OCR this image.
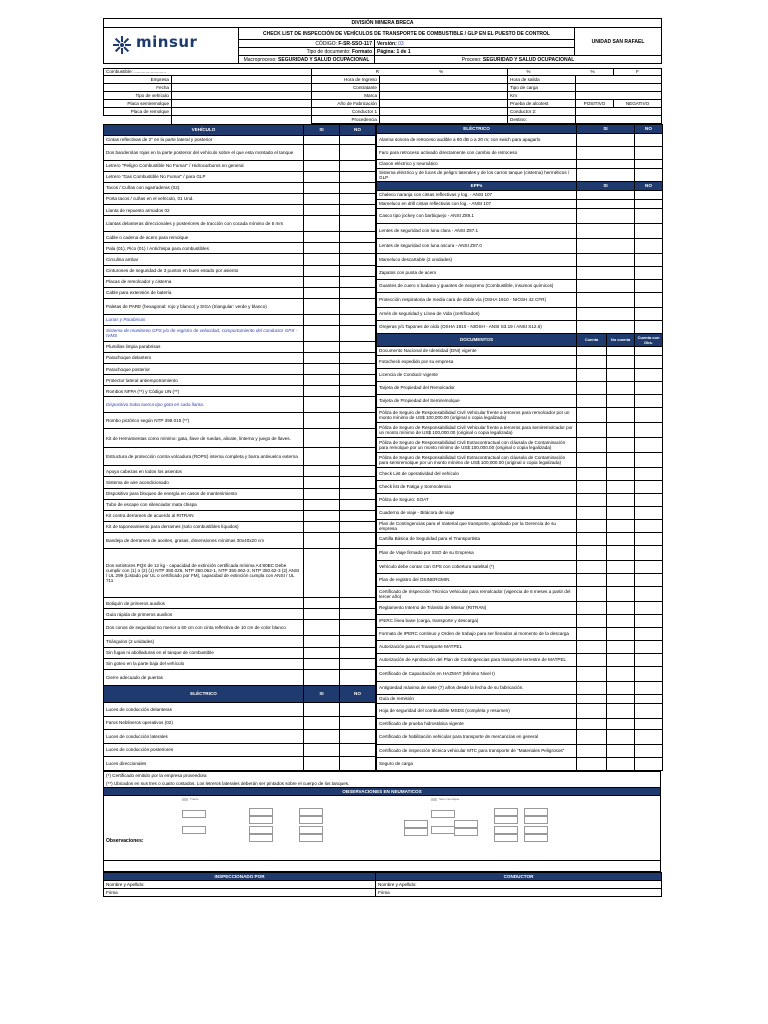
DIVISIÓN MINERA BRECA			

minsur	CHECK LIST DE INSPECCIÓN DE VEHÍCULOS DE TRANSPORTE DE COMBUSTIBLE / GLP EN EL PUESTO DE CONTROL		UNIDAD SAN RAFAEL
	CÓDIGO: F-SR-SSO-117	Versión: 03	
	Tipo de documento: Formato	Página: 1 de 1	
	Macroproceso: SEGURIDAD Y SALUD OCUPACIONAL	Proceso: SEGURIDAD Y SALUD OCUPACIONAL	
Combustible: .........................		R %		% %		F
Empresa		Hora de Ingreso		Hora de salida		
Fecha		Contratante		Tipo de carga		
Tipo de vehículo		Marca		Km		
Placa semiremolque		Año de Fabricación		Prueba de alcotest	POSITIVO	NEGATIVO
Placa de remolque		Conductor 1		Conductor 2:		
		Procedencia		Destino:		
VEHÍCULO	SI	NO
Cintas reflectivas de 2" en la parte lateral y posterior		
Dos banderolas rojas en la parte posterior del vehículo sobre el que esta montado el tanque		
Letrero "Peligro Combustible No Fumar" / Hidrocarburos en general		
Letrero "Gas Combustible No Fumar" / para GLP		
Tacos / Cuñas con agarraderas (02).		
Porta tacos / cuñas en el vehículo, 01 Und.		
Llanta de repuesto armados 02		
Llantas delanteras direccionales y posteriores de tracción con cocada mínimo de 5 mm		
Cable o cadena de acero para remolque		
Pala (01), Pico (01) / Antichispa para combustibles		
Circulina ambar		
Cinturones de seguridad de 3 puntos en buen estado por asiento		
Placas de remolcador y cisterna		
Cable para extensión de batería		
Paletas de PARE (hexagonal: rojo y blanco) y SIGA (triangular: verde y blanco)		
Lunas y Parabrisas		
Sistema de monitoreo GPS y/o de registro de velocidad, comportamiento del conductor GPS - IVMS		
Plumillas limpia parabrisas		
Parachoque delantero		
Parachoque posterior		
Protector lateral antiempotramiento		
Rombos NFPA (**) y Código UN (**)		
Dispositivo traba tuerca tipo gota en cada llanta.		
Rombo pictórico según NTP 399.015 (**)		
Kit de Herramientas como mínimo: gata, llave de ruedas, alicate, linterna y juego de llaves.		
Estructura de protección contra volcadura (ROPS) interna completa y barra antivuelco externa		
Apoya cabezas en todos los asientos		
Sistema de aire acondicionado		
Dispositivo para bloqueo de energía en casos de mantenimiento		
Tubo de escape con silenciador mata chispa		
Kit contra derrames de acuerdo al RITRAN		
Kit de taponeamiento para derrames (solo combustibles líquidos)		
Bandeja de derrames de aceites, grasas, dimensiones mínimas 30x40x20 cm		
Dos extintores PQS de 12 kg - capacidad de extinción certificada mínima A4:80BC Debe cumplir con (1) o (2) (1) NTP 350.026, NTP 350.062-1, NTP 350.062-2, NTP 350.62-3 (2) ANSI / UL 299 (Listado por UL o certificado por FM), capacidad de extinción cumpla con ANSI / UL 711		
Botiquín de primeros auxilios		
Guía rápida de primeros auxilios		
Dos conos de seguridad no menor a 60 cm con cinta reflectiva de 10 cm de color blanco		
Triángulos (2 unidades)		
Sin fugas ni abolladuras en el tanque de combustible		
Sin goteo en la parte baja del vehículo		
Cierre adecuado de puertas		
ELÉCTRICO	SI	NO
Luces de conducción delanteras		
Faros Neblineros operativos (02)		
Luces de conducción laterales		
Luces de conducción posteriores		
Luces direccionales		
ELÉCTRICO	SI		NO
Alarma sonora de retroceso audible a 80 dB o a 20 m; con swich para apagarlo			
Faro para retroceso activado directamente con cambio de retroceso			
Claxon eléctrico y neumático			
Sistema eléctrico y de luces de peligro laterales y de los carros tanque (cisterna) herméticos / GLP			
EPPs	SI		NO
Chaleco naranja con cintas reflectivas y log. - ANSI 107			
Mameluco en drill cintas reflectivas con log. - ANSI 107			
Casco tipo jockey con barbiquejo - ANSI Z89.1			
Lentes de seguridad con luna clara - ANSI Z87.1			
Lentes de seguridad con luna oscura - ANSI Z87.0			
Mameluco descartable (2 unidades)			
Zapatos con punta de acero			
Guantes de cuero o badana y guantes de neopreno (Combustible, insumos químicos)			
Protección respiratoria de media cara de doble vía (OSHA 1910 - NIOSH 42 CFR)			
Arnés de seguridad y Línea de Vida (certificados)			
Orejeras y/o Tapones de oído (OSHA 1910 - NIOSH - ANSI S3.19 / ANSI S12.6)			
DOCUMENTOS	Cuenta	No cuenta	Cuenta con Obs.
Documento Nacional de Identidad (DNI) vigente			
Fotocheck expedido por su empresa			
Licencia de Conducir vigente			
Tarjeta de Propiedad del Remolcador			
Tarjeta de Propiedad del Semiremolque			
Póliza de Seguro de Responsabilidad Civil Vehicular frente a terceros para remolcador por un monto mínimo de US$ 100,000.00 (original o copia legalizada)			
Póliza de Seguro de Responsabilidad Civil Vehicular frente a terceros para semiremolcador por un monto mínimo de US$ 100,000.00 (original o copia legalizada)			
Póliza de Seguro de Responsabilidad Civil Extracontractual con cláusula de Contaminación para remolque por un monto mínimo de US$ 100,000.00 (original o copia legalizada)			
Póliza de Seguro de Responsabilidad Civil Extracontractual con cláusula de Contaminación para semiremolque por un monto mínimo de US$ 100,000.00 (original o copia legalizada)			
Check List de operatividad del vehículo			
Check list de Fatiga y Somnolencia			
Póliza de Seguro: SOAT			
Cuaderno de viaje - Bitácora de viaje			
Plan de Contingencias para el material que transporte, aprobado por la Gerencia de su empresa			
Cartilla Básica de Seguridad para el Transportista			
Plan de Viaje firmado por SSO de su Empresa			
Vehículo debe contar con GPS con cobertura satelital (*)			
Plan de registro del OSINERGMIN			
Certificado de Inspección Técnica Vehicular para remolcador (vigencia de 6 meses a partir del tercer año)			
Reglamento Interno de Tránsito de Minsur (RITRAN)			
IPERC línea base (carga, transporte y descarga)			
Formato de IPERC continuo y Orden de trabajo para ser llenados al momento de la descarga			
Autorización para el Transporte MATPEL			
Autorización de Aprobación del Plan de Contingencias para transporte terrestre de MATPEL			
Certificado de Capacitación en HAZMAT (Mínimo Nivel I)			
Antigüedad máxima de siete (7) años desde la fecha de su fabricación.			
Guía de remisión			
Hoja de seguridad del combustible MSDS (completa y resumen)			
Certificado de prueba hidrostática vigente			
Certificado de habilitación vehicular para transporte de mercancías en general			
Certificado de inspección técnica vehicular MTC para transporte de "Materiales Peligrosos"			
Seguro de carga			
(*) Certificado emitido por la empresa proveedora
(**) Ubicados en sus tres o cuatro costados. Los letreros laterales deberán ser pintados sobre el cuerpo de los tanques.
OBSERVACIONES EN NEUMATICOS
Tracto	Semi-remolque
Observaciones:
INSPECCIONADO POR	CONDUCTOR
Nombre y Apellido:	Nombre y Apellido:
Firma	Firma
